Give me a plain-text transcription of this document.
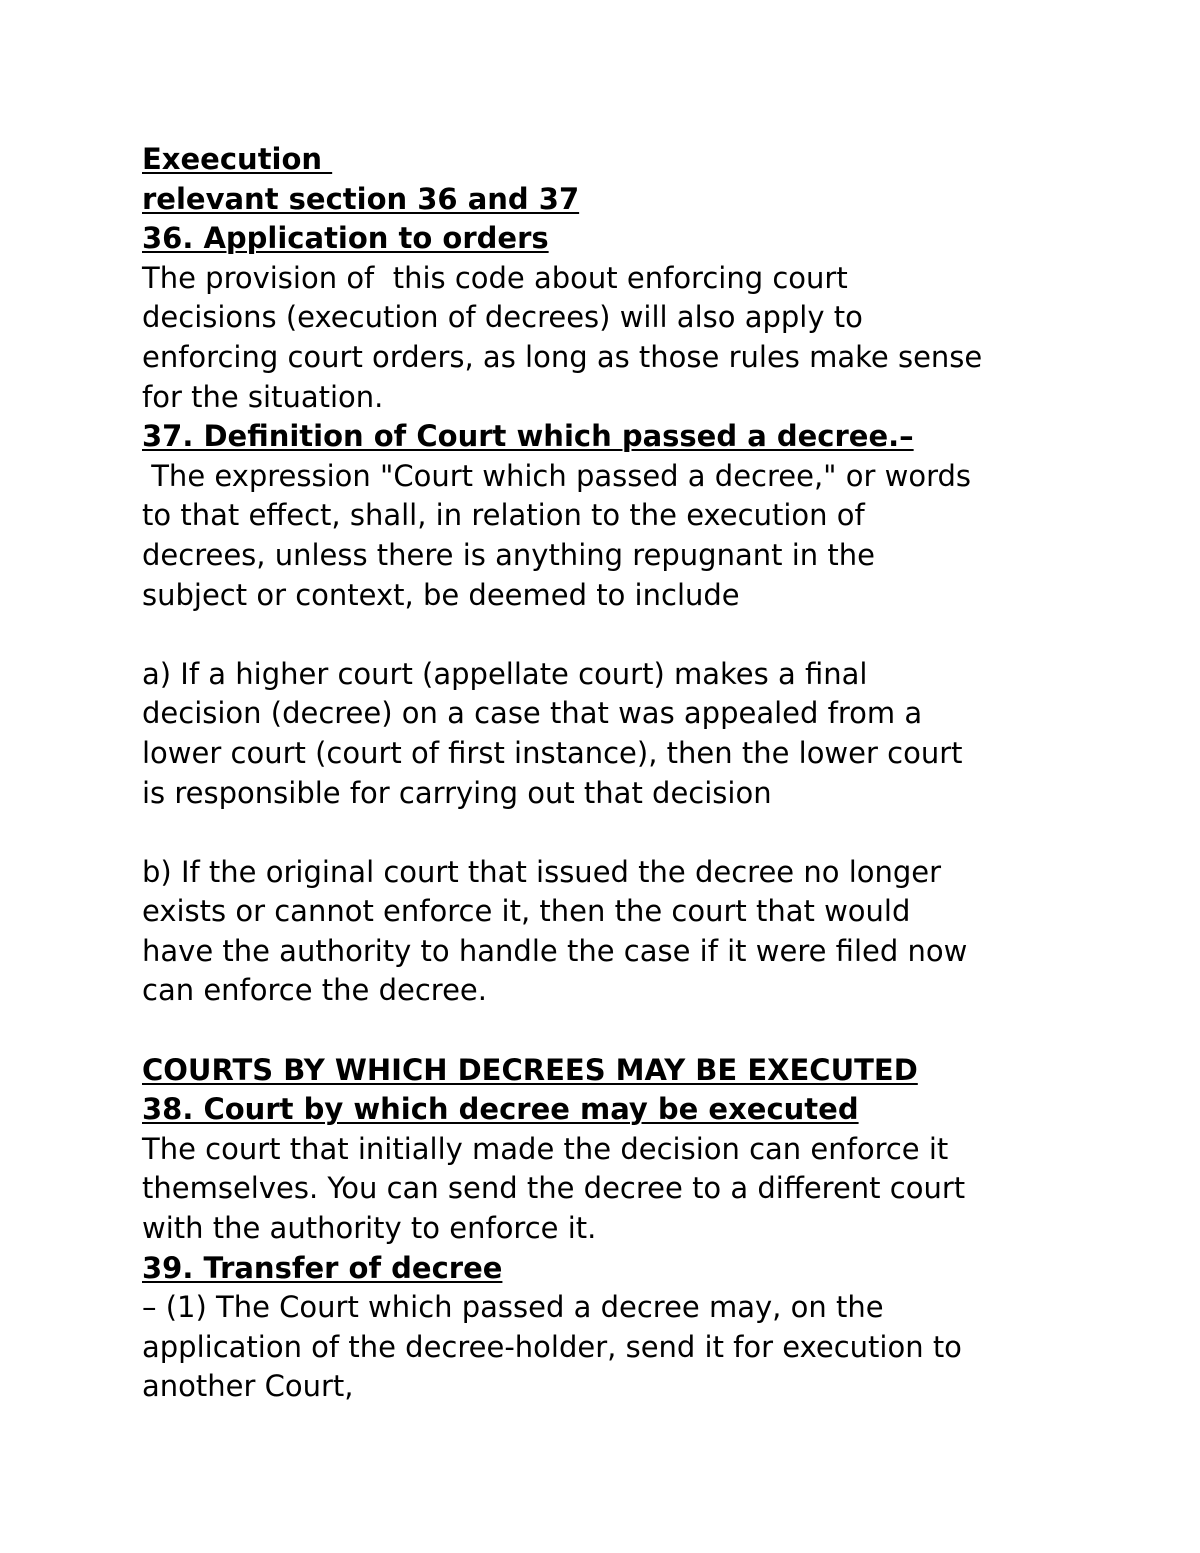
Exeecution
relevant section 36 and 37
36. Application to orders
The provision of  this code about enforcing court
decisions (execution of decrees) will also apply to
enforcing court orders, as long as those rules make sense
for the situation.
37. Definition of Court which passed a decree.–
The expression "Court which passed a decree," or words
to that effect, shall, in relation to the execution of
decrees, unless there is anything repugnant in the
subject or context, be deemed to include
a) If a higher court (appellate court) makes a final
decision (decree) on a case that was appealed from a
lower court (court of first instance), then the lower court
is responsible for carrying out that decision
b) If the original court that issued the decree no longer
exists or cannot enforce it, then the court that would
have the authority to handle the case if it were filed now
can enforce the decree.
COURTS BY WHICH DECREES MAY BE EXECUTED
38. Court by which decree may be executed
The court that initially made the decision can enforce it
themselves. You can send the decree to a different court
with the authority to enforce it.
39. Transfer of decree
– (1) The Court which passed a decree may, on the
application of the decree-holder, send it for execution to
another Court,
